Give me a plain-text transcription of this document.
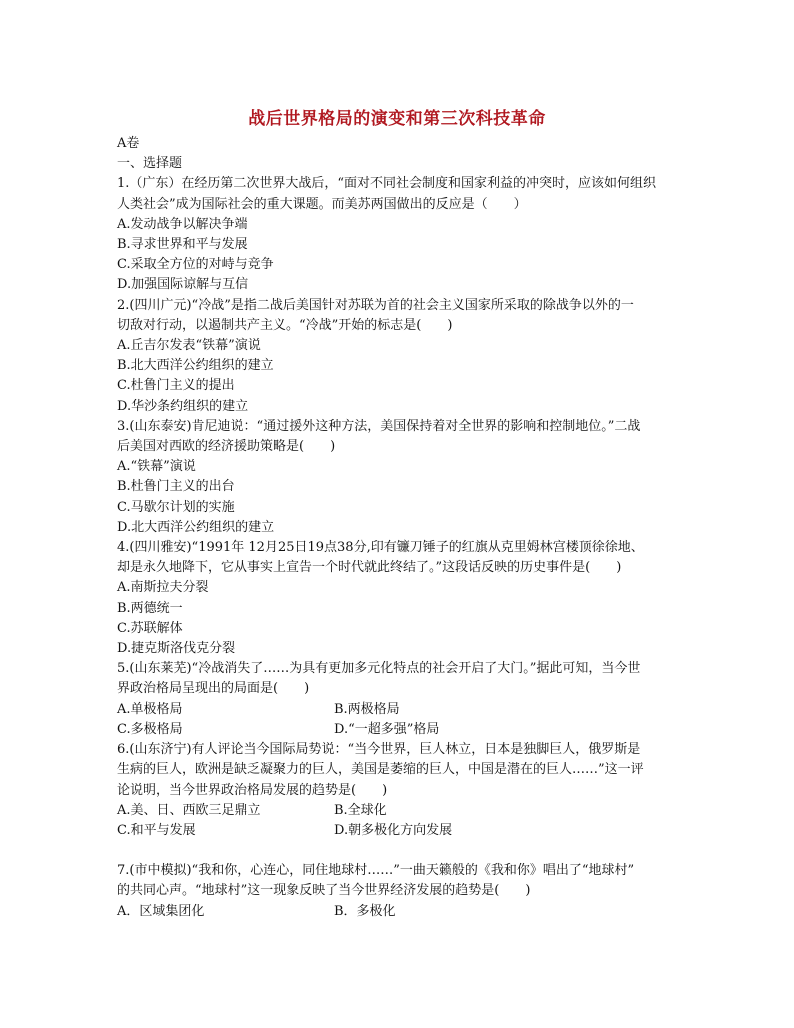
战后世界格局的演变和第三次科技革命
A卷
一、选择题
1.（广东）在经历第二次世界大战后，“面对不同社会制度和国家利益的冲突时，应该如何组织
人类社会”成为国际社会的重大课题。而美苏两国做出的反应是（　　）
A.发动战争以解决争端
B.寻求世界和平与发展
C.采取全方位的对峙与竞争
D.加强国际谅解与互信
2.(四川广元)“冷战”是指二战后美国针对苏联为首的社会主义国家所采取的除战争以外的一
切敌对行动，以遏制共产主义。“冷战”开始的标志是(　　)
A.丘吉尔发表“铁幕”演说
B.北大西洋公约组织的建立
C.杜鲁门主义的提出
D.华沙条约组织的建立
3.(山东泰安)肯尼迪说：“通过援外这种方法，美国保持着对全世界的影响和控制地位。”二战
后美国对西欧的经济援助策略是(　　)
A.“铁幕”演说
B.杜鲁门主义的出台
C.马歇尔计划的实施
D.北大西洋公约组织的建立
4.(四川雅安)“1991年 12月25日19点38分,印有镰刀锤子的红旗从克里姆林宫楼顶徐徐地、
却是永久地降下，它从事实上宣告一个时代就此终结了。”这段话反映的历史事件是(　　)
A.南斯拉夫分裂
B.两德统一
C.苏联解体
D.捷克斯洛伐克分裂
5.(山东莱芜)“冷战消失了……为具有更加多元化特点的社会开启了大门。”据此可知，当今世
界政治格局呈现出的局面是(　　)
A.单极格局	B.两极格局
C.多极格局	D.“一超多强”格局
6.(山东济宁)有人评论当今国际局势说：“当今世界，巨人林立，日本是独脚巨人，俄罗斯是
生病的巨人，欧洲是缺乏凝聚力的巨人，美国是萎缩的巨人，中国是潜在的巨人……”这一评
论说明，当今世界政治格局发展的趋势是(　　)
A.美、日、西欧三足鼎立	B.全球化
C.和平与发展	D.朝多极化方向发展
7.(市中模拟)“我和你，心连心，同住地球村……”一曲天籁般的《我和你》唱出了“地球村”
的共同心声。“地球村”这一现象反映了当今世界经济发展的趋势是(　　)
A．区域集团化	B．多极化
